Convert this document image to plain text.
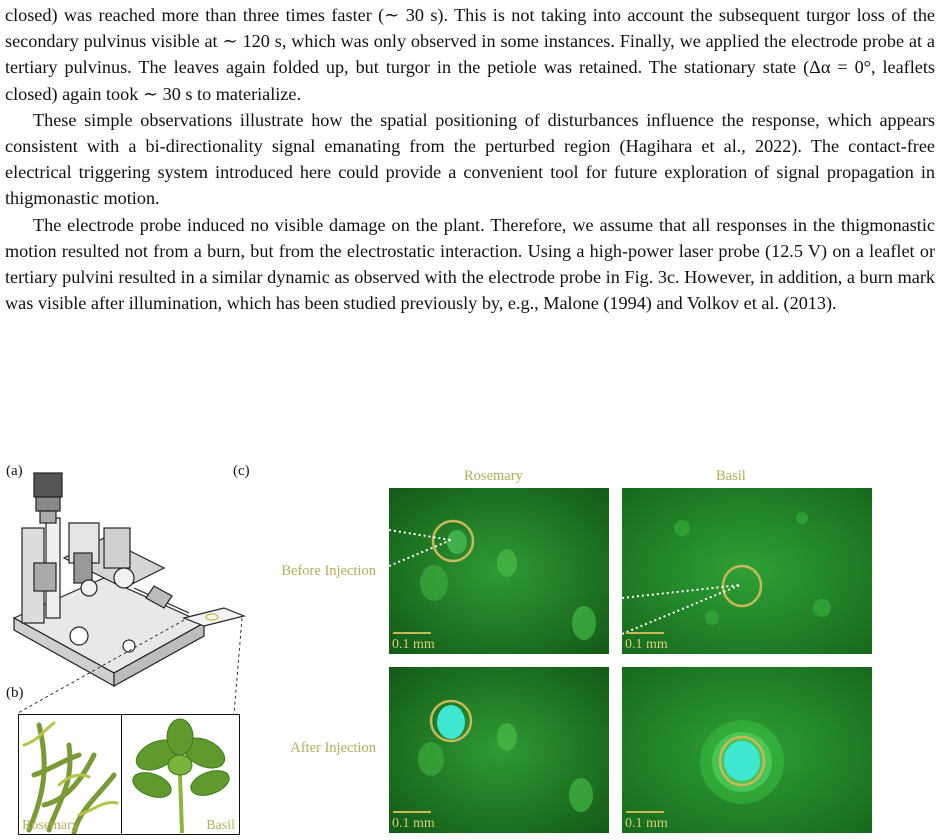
closed) was reached more than three times faster (∼ 30 s). This is not taking into account the subsequent turgor loss of the secondary pulvinus visible at ∼ 120 s, which was only observed in some instances. Finally, we applied the electrode probe at a tertiary pulvinus. The leaves again folded up, but turgor in the petiole was retained. The stationary state (Δα = 0°, leaflets closed) again took ∼ 30 s to materialize.

These simple observations illustrate how the spatial positioning of disturbances influence the response, which appears consistent with a bi-directionality signal emanating from the perturbed region (Hagihara et al., 2022). The contact-free electrical triggering system introduced here could provide a convenient tool for future exploration of signal propagation in thigmonastic motion.

The electrode probe induced no visible damage on the plant. Therefore, we assume that all responses in the thigmonastic motion resulted not from a burn, but from the electrostatic interaction. Using a high-power laser probe (12.5 V) on a leaflet or tertiary pulvini resulted in a similar dynamic as observed with the electrode probe in Fig. 3c. However, in addition, a burn mark was visible after illumination, which has been studied previously by, e.g., Malone (1994) and Volkov et al. (2013).

(a)	(c)
(b)
Rosemary	Basil
Rosemary	Basil
Before Injection
After Injection
0.1 mm	0.1 mm
0.1 mm	0.1 mm
